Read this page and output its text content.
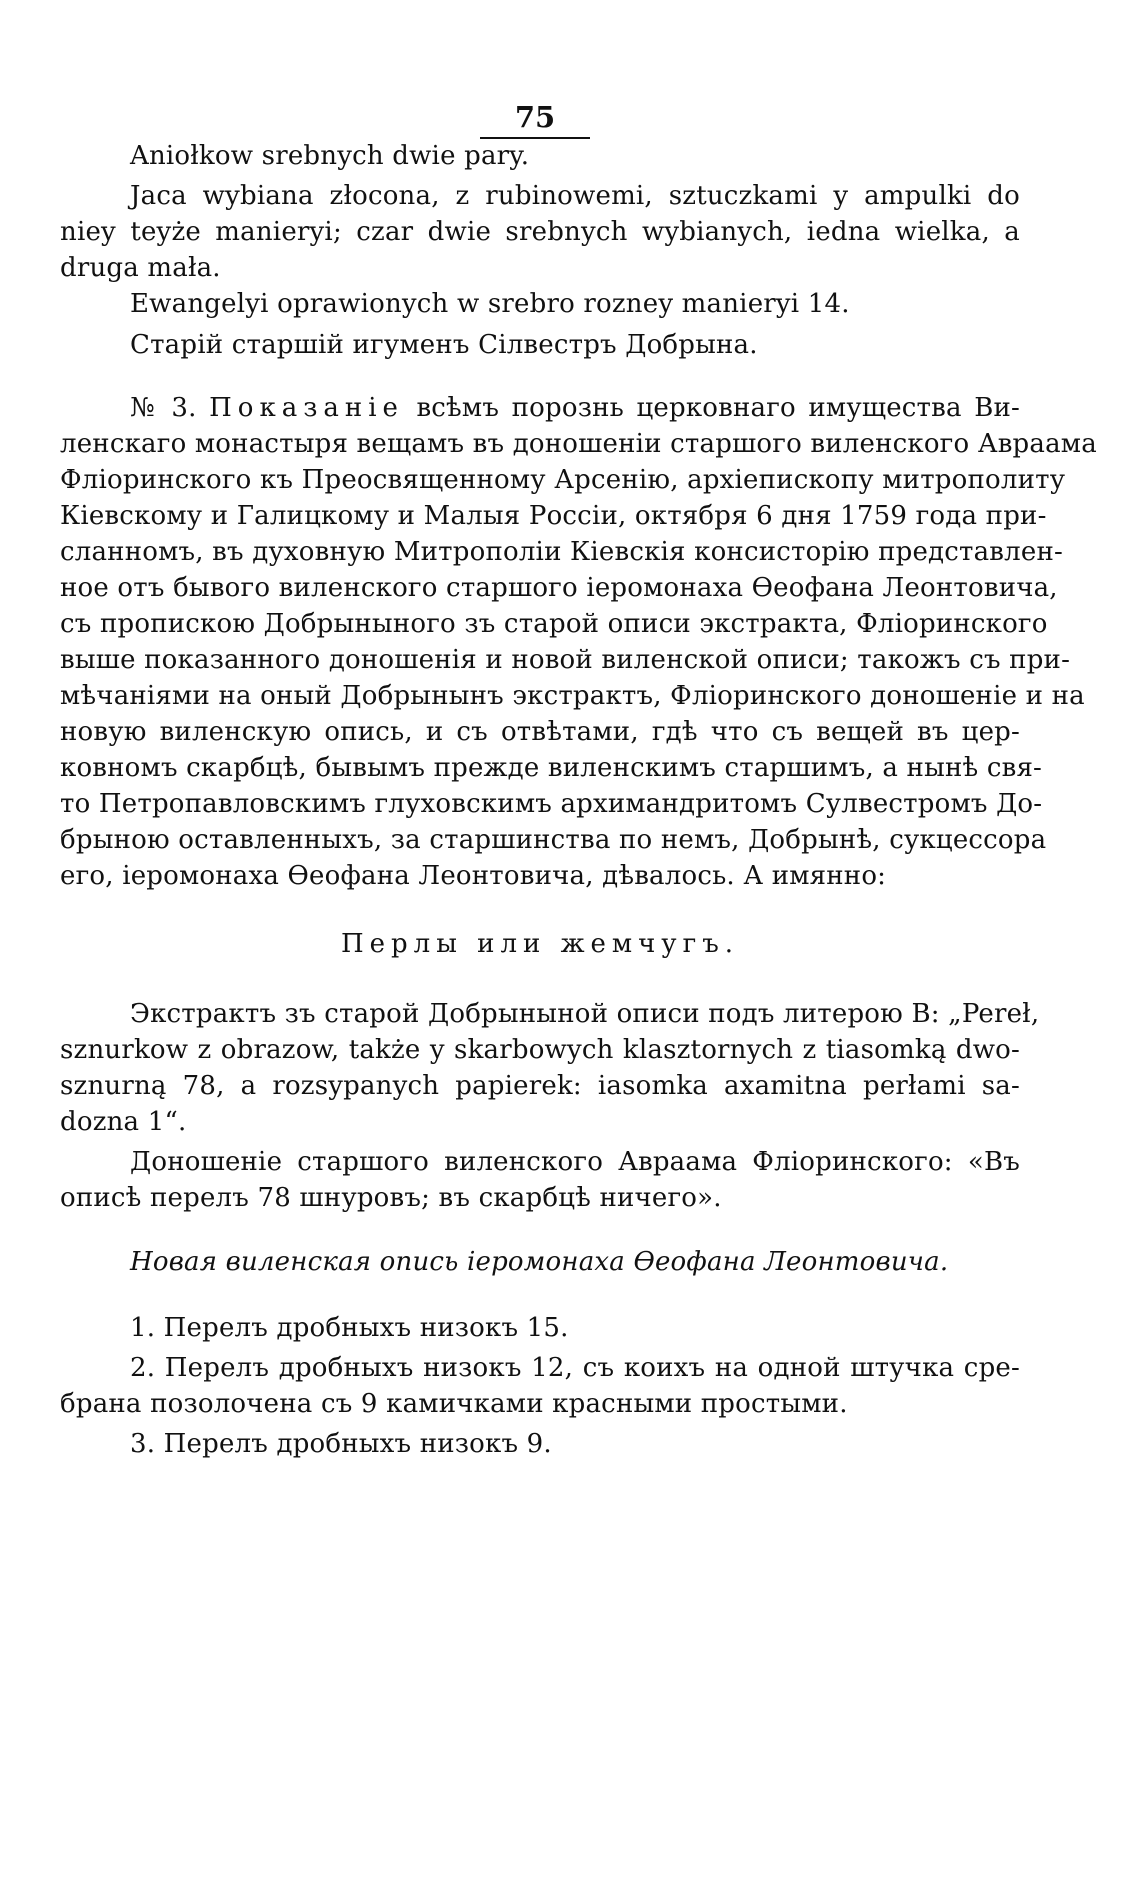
75
Aniołkow srebnych dwie pary.
Jaca wybiana złocona, z rubinowemi, sztuczkami y ampulki do
niey teyże manieryi; czar dwie srebnych wybianych, iedna wielka, a
druga mała.
Ewangelyi oprawionych w srebro rozney manieryi 14.
Старій старшій игуменъ Сілвестръ Добрына.
№ 3. Показаніе всѣмъ порознь церковнаго имущества Ви-
ленскаго монастыря вещамъ въ доношеніи старшого виленского Авраама
Фліоринского къ Преосвященному Арсенію, архіепископу митрополиту
Кіевскому и Галицкому и Малыя Россіи, октября 6 дня 1759 года при-
сланномъ, въ духовную Митрополіи Кіевскія консисторію представлен-
ное отъ бывого виленского старшого іеромонаха Өеофана Леонтовича,
съ пропискою Добрыныного зъ старой описи экстракта, Фліоринского
выше показанного доношенія и новой виленской описи; такожъ съ при-
мѣчаніями на оный Добрынынъ экстрактъ, Фліоринского доношеніе и на
новую виленскую опись, и съ отвѣтами, гдѣ что съ вещей въ цер-
ковномъ скарбцѣ, бывымъ прежде виленскимъ старшимъ, а нынѣ свя-
то Петропавловскимъ глуховскимъ архимандритомъ Сулвестромъ До-
брыною оставленныхъ, за старшинства по немъ, Добрынѣ, сукцессора
его, іеромонаха Өеофана Леонтовича, дѣвалось. А имянно:
Перлы или жемчугъ.
Экстрактъ зъ старой Добрыныной описи подъ литерою В: „Pereł,
sznurkow z obrazow, także y skarbowych klasztornych z tiasomką dwo-
sznurną 78, a rozsypanych papierek: iasomka axamitna perłami sa-
dozna 1“.
Доношеніе старшого виленского Авраама Фліоринского: «Въ
описѣ перелъ 78 шнуровъ; въ скарбцѣ ничего».
Новая виленская опись іеромонаха Өеофана Леонтовича.
1. Перелъ дробныхъ низокъ 15.
2. Перелъ дробныхъ низокъ 12, съ коихъ на одной штучка сре-
брана позолочена съ 9 камичками красными простыми.
3. Перелъ дробныхъ низокъ 9.
